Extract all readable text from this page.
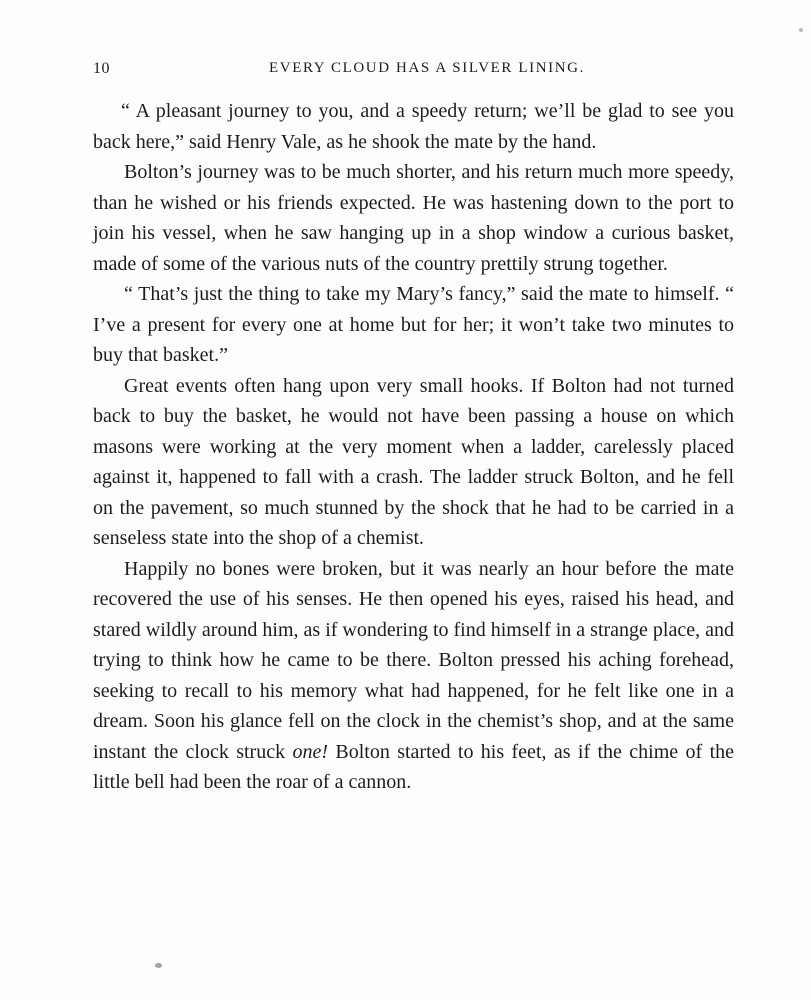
10	EVERY CLOUD HAS A SILVER LINING.

“ A pleasant journey to you, and a speedy return; we’ll be glad to see you back here,” said Henry Vale, as he shook the mate by the hand.

Bolton’s journey was to be much shorter, and his return much more speedy, than he wished or his friends expected. He was hastening down to the port to join his vessel, when he saw hanging up in a shop window a curious basket, made of some of the various nuts of the country prettily strung together.

“ That’s just the thing to take my Mary’s fancy,” said the mate to himself. “ I’ve a present for every one at home but for her; it won’t take two minutes to buy that basket.”

Great events often hang upon very small hooks. If Bolton had not turned back to buy the basket, he would not have been passing a house on which masons were working at the very moment when a ladder, carelessly placed against it, happened to fall with a crash. The ladder struck Bolton, and he fell on the pavement, so much stunned by the shock that he had to be carried in a senseless state into the shop of a chemist.

Happily no bones were broken, but it was nearly an hour before the mate recovered the use of his senses. He then opened his eyes, raised his head, and stared wildly around him, as if wondering to find himself in a strange place, and trying to think how he came to be there. Bolton pressed his aching forehead, seeking to recall to his memory what had happened, for he felt like one in a dream. Soon his glance fell on the clock in the chemist’s shop, and at the same instant the clock struck one! Bolton started to his feet, as if the chime of the little bell had been the roar of a cannon.
